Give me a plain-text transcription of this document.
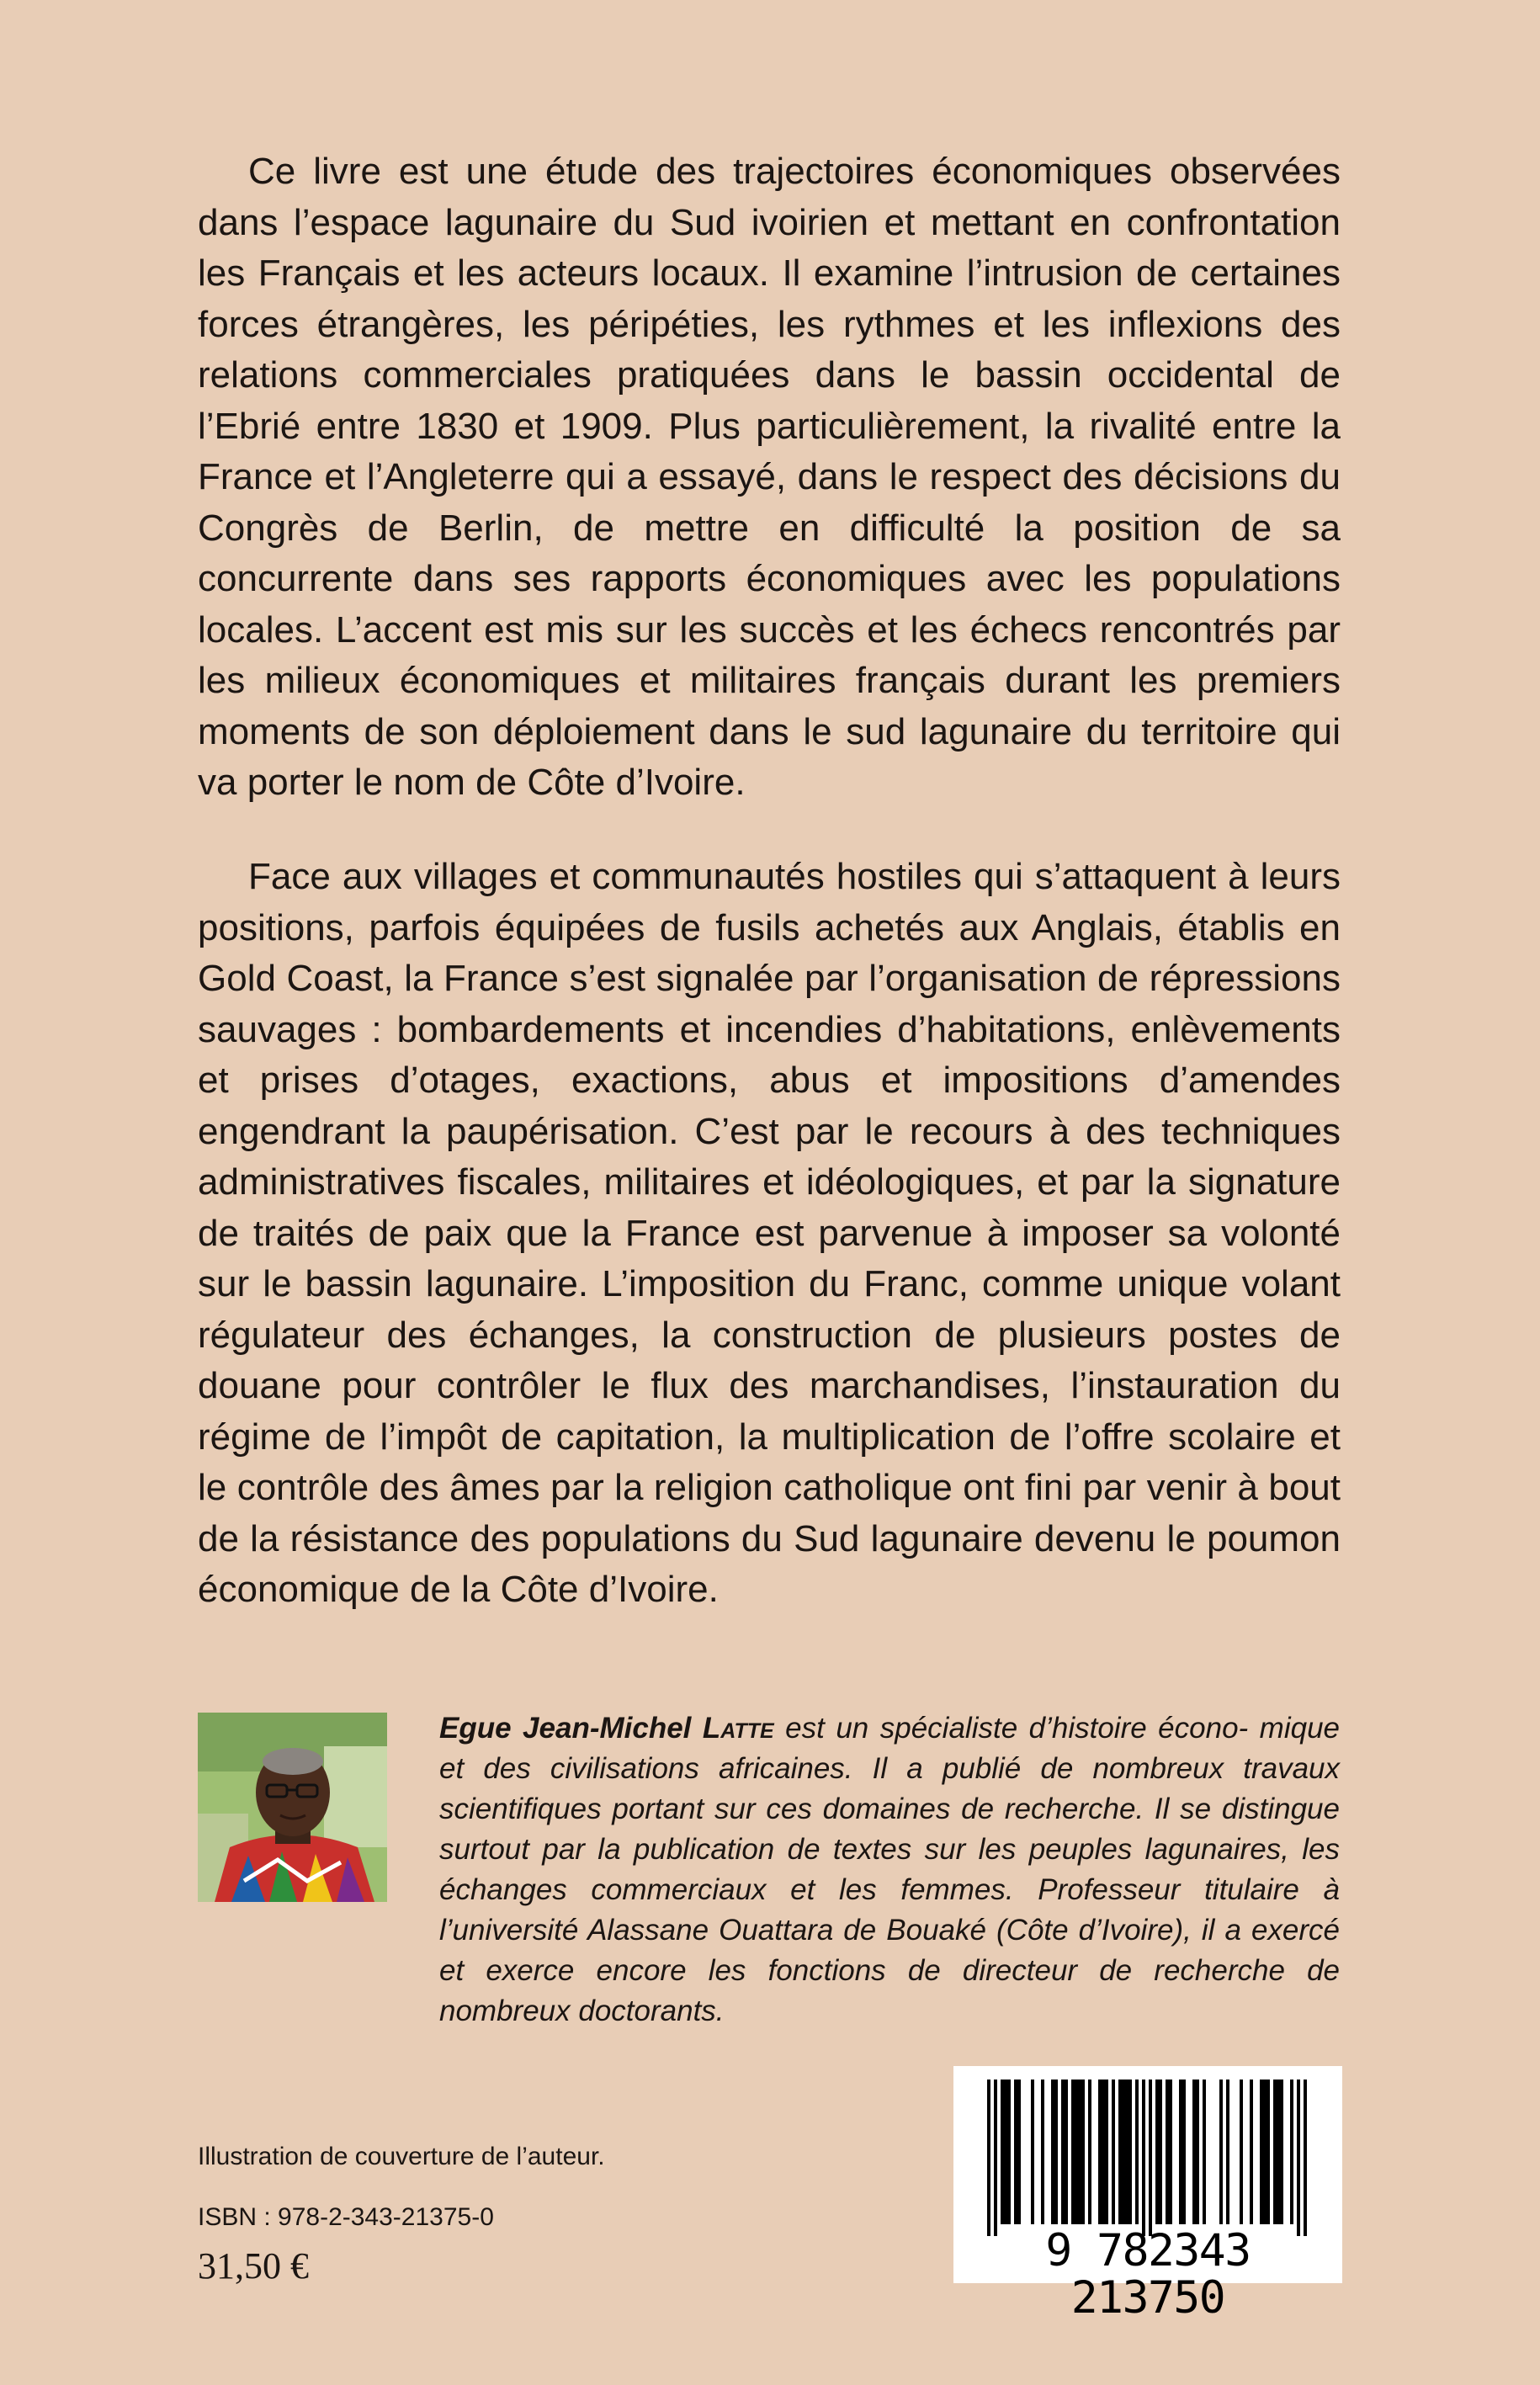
Ce livre est une étude des trajectoires économiques observées dans l’espace lagunaire du Sud ivoirien et mettant en confrontation les Français et les acteurs locaux. Il examine l’intrusion de certaines forces étrangères, les péripéties, les rythmes et les inflexions des relations commerciales pratiquées dans le bassin occidental de l’Ebrié entre 1830 et 1909. Plus particulièrement, la rivalité entre la France et l’Angleterre qui a essayé, dans le respect des décisions du Congrès de Berlin, de mettre en difficulté la position de sa concurrente dans ses rapports économiques avec les populations locales. L’accent est mis sur les succès et les échecs rencontrés par les milieux économiques et militaires français durant les premiers moments de son déploiement dans le sud lagunaire du territoire qui va porter le nom de Côte d’Ivoire.

Face aux villages et communautés hostiles qui s’attaquent à leurs positions, parfois équipées de fusils achetés aux Anglais, établis en Gold Coast, la France s’est signalée par l’organisation de répressions sauvages : bombardements et incendies d’habitations, enlèvements et prises d’otages, exactions, abus et impositions d’amendes engendrant la paupérisation. C’est par le recours à des techniques administratives fiscales, militaires et idéologiques, et par la signature de traités de paix que la France est parvenue à imposer sa volonté sur le bassin lagunaire. L’imposition du Franc, comme unique volant régulateur des échanges, la construction de plusieurs postes de douane pour contrôler le flux des marchandises, l’instauration du régime de l’impôt de capitation, la multiplication de l’offre scolaire et le contrôle des âmes par la religion catholique ont fini par venir à bout de la résistance des populations du Sud lagunaire devenu le poumon économique de la Côte d’Ivoire.

Egue Jean-Michel Latte est un spécialiste d’histoire écono- mique et des civilisations africaines. Il a publié de nombreux travaux scientifiques portant sur ces domaines de recherche. Il se distingue surtout par la publication de textes sur les peuples lagunaires, les échanges commerciaux et les femmes. Professeur titulaire à l’université Alassane Ouattara de Bouaké (Côte d’Ivoire), il a exercé et exerce encore les fonctions de directeur de recherche de nombreux doctorants.

Illustration de couverture de l’auteur.
ISBN : 978-2-343-21375-0
31,50 €	9 782343 213750
